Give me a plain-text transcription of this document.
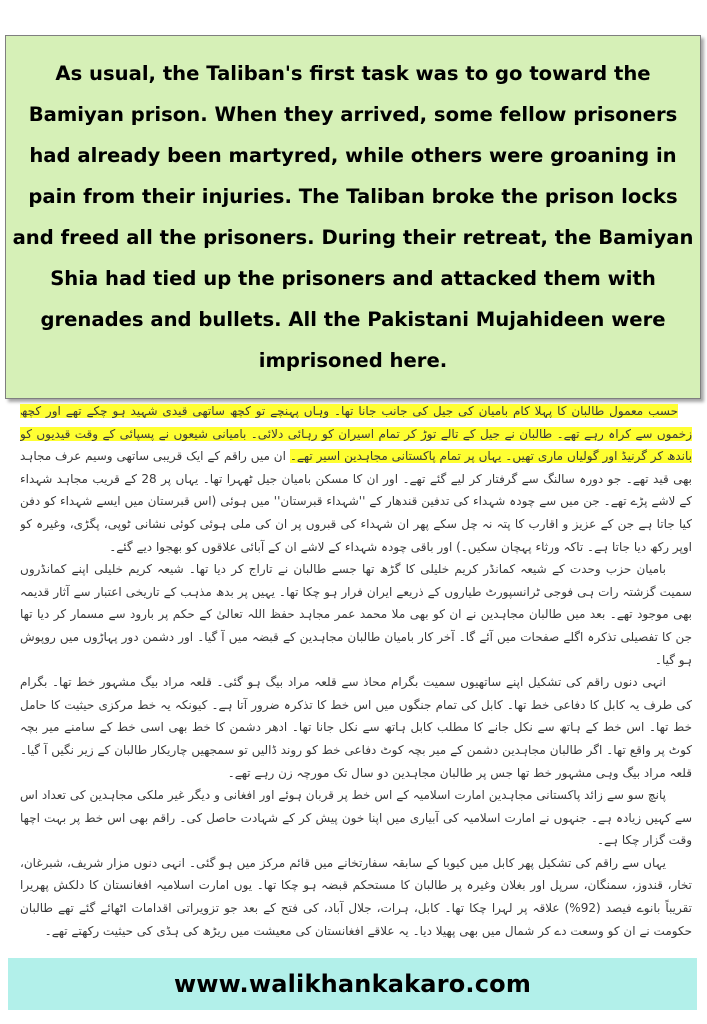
As usual, the Taliban's first task was to go toward the Bamiyan prison. When they arrived, some fellow prisoners had already been martyred, while others were groaning in pain from their injuries. The Taliban broke the prison locks and freed all the prisoners. During their retreat, the Bamiyan Shia had tied up the prisoners and attacked them with grenades and bullets. All the Pakistani Mujahideen were imprisoned here.

حسب معمول طالبان کا پہلا کام بامیان کی جیل کی جانب جانا تھا۔ وہاں پہنچے تو کچھ ساتھی قیدی شہید ہو چکے تھے اور کچھ زخموں سے کراہ رہے تھے۔ طالبان نے جیل کے تالے توڑ کر تمام اسیران کو رہائی دلائی۔ بامیانی شیعوں نے پسپائی کے وقت قیدیوں کو باندھ کر گرنیڈ اور گولیاں ماری تھیں۔ یہاں پر تمام پاکستانی مجاہدین اسیر تھے۔ ان میں راقم کے ایک قریبی ساتھی وسیم عرف مجاہد بھی قید تھے۔ جو دورہ سالنگ سے گرفتار کر لیے گئے تھے۔ اور ان کا مسکن بامیان جیل ٹھہرا تھا۔ یہاں پر 28 کے قریب مجاہد شہداء کے لاشے پڑے تھے۔ جن میں سے چودہ شہداء کی تدفین قندھار کے ''شہداء قبرستان'' میں ہوئی (اس قبرستان میں ایسے شہداء کو دفن کیا جاتا ہے جن کے عزیز و اقارب کا پتہ نہ چل سکے پھر ان شہداء کی قبروں پر ان کی ملی ہوئی کوئی نشانی ٹوپی، پگڑی، وغیرہ کو اوپر رکھ دیا جاتا ہے۔ تاکہ ورثاء پہچان سکیں۔) اور باقی چودہ شہداء کے لاشے ان کے آبائی علاقوں کو بھجوا دیے گئے۔

بامیان حزب وحدت کے شیعہ کمانڈر کریم خلیلی کا گڑھ تھا جسے طالبان نے تاراج کر دیا تھا۔ شیعہ کریم خلیلی اپنے کمانڈروں سمیت گزشتہ رات ہی فوجی ٹرانسپورٹ طیاروں کے ذریعے ایران فرار ہو چکا تھا۔ یہیں پر بدھ مذہب کے تاریخی اعتبار سے آثار قدیمہ بھی موجود تھے۔ بعد میں طالبان مجاہدین نے ان کو بھی ملا محمد عمر مجاہد حفظ اللہ تعالیٰ کے حکم پر بارود سے مسمار کر دیا تھا جن کا تفصیلی تذکرہ اگلے صفحات میں آئے گا۔ آخر کار بامیان طالبان مجاہدین کے قبضہ میں آ گیا۔ اور دشمن دور پہاڑوں میں روپوش ہو گیا۔

انہی دنوں راقم کی تشکیل اپنے ساتھیوں سمیت بگرام محاذ سے قلعہ مراد بیگ ہو گئی۔ قلعہ مراد بیگ مشہور خط تھا۔ بگرام کی طرف یہ کابل کا دفاعی خط تھا۔ کابل کی تمام جنگوں میں اس خط کا تذکرہ ضرور آتا ہے۔ کیونکہ یہ خط مرکزی حیثیت کا حامل خط تھا۔ اس خط کے ہاتھ سے نکل جانے کا مطلب کابل ہاتھ سے نکل جانا تھا۔ ادھر دشمن کا خط بھی اسی خط کے سامنے میر بچہ کوٹ پر واقع تھا۔ اگر طالبان مجاہدین دشمن کے میر بچہ کوٹ دفاعی خط کو روند ڈالیں تو سمجھیں چاریکار طالبان کے زیر نگیں آ گیا۔ قلعہ مراد بیگ وہی مشہور خط تھا جس پر طالبان مجاہدین دو سال تک مورچہ زن رہے تھے۔

پانچ سو سے زائد پاکستانی مجاہدین امارت اسلامیہ کے اس خط پر قربان ہوئے اور افغانی و دیگر غیر ملکی مجاہدین کی تعداد اس سے کہیں زیادہ ہے۔ جنہوں نے امارت اسلامیہ کی آبیاری میں اپنا خون پیش کر کے شہادت حاصل کی۔ راقم بھی اس خط پر بہت اچھا وقت گزار چکا ہے۔

یہاں سے راقم کی تشکیل پھر کابل میں کیوبا کے سابقہ سفارتخانے میں قائم مرکز میں ہو گئی۔ انہی دنوں مزار شریف، شبرغان، تخار، قندوز، سمنگان، سرپل اور بغلان وغیرہ پر طالبان کا مستحکم قبضہ ہو چکا تھا۔ یوں امارت اسلامیہ افغانستان کا دلکش پھریرا تقریباً بانوے فیصد (92%) علاقہ پر لہرا چکا تھا۔ کابل، ہرات، جلال آباد، کی فتح کے بعد جو تزویراتی اقدامات اٹھائے گئے تھے طالبان حکومت نے ان کو وسعت دے کر شمال میں بھی پھیلا دیا۔ یہ علاقے افغانستان کی معیشت میں ریڑھ کی ہڈی کی حیثیت رکھتے تھے۔

www.walikhankakaro.com
